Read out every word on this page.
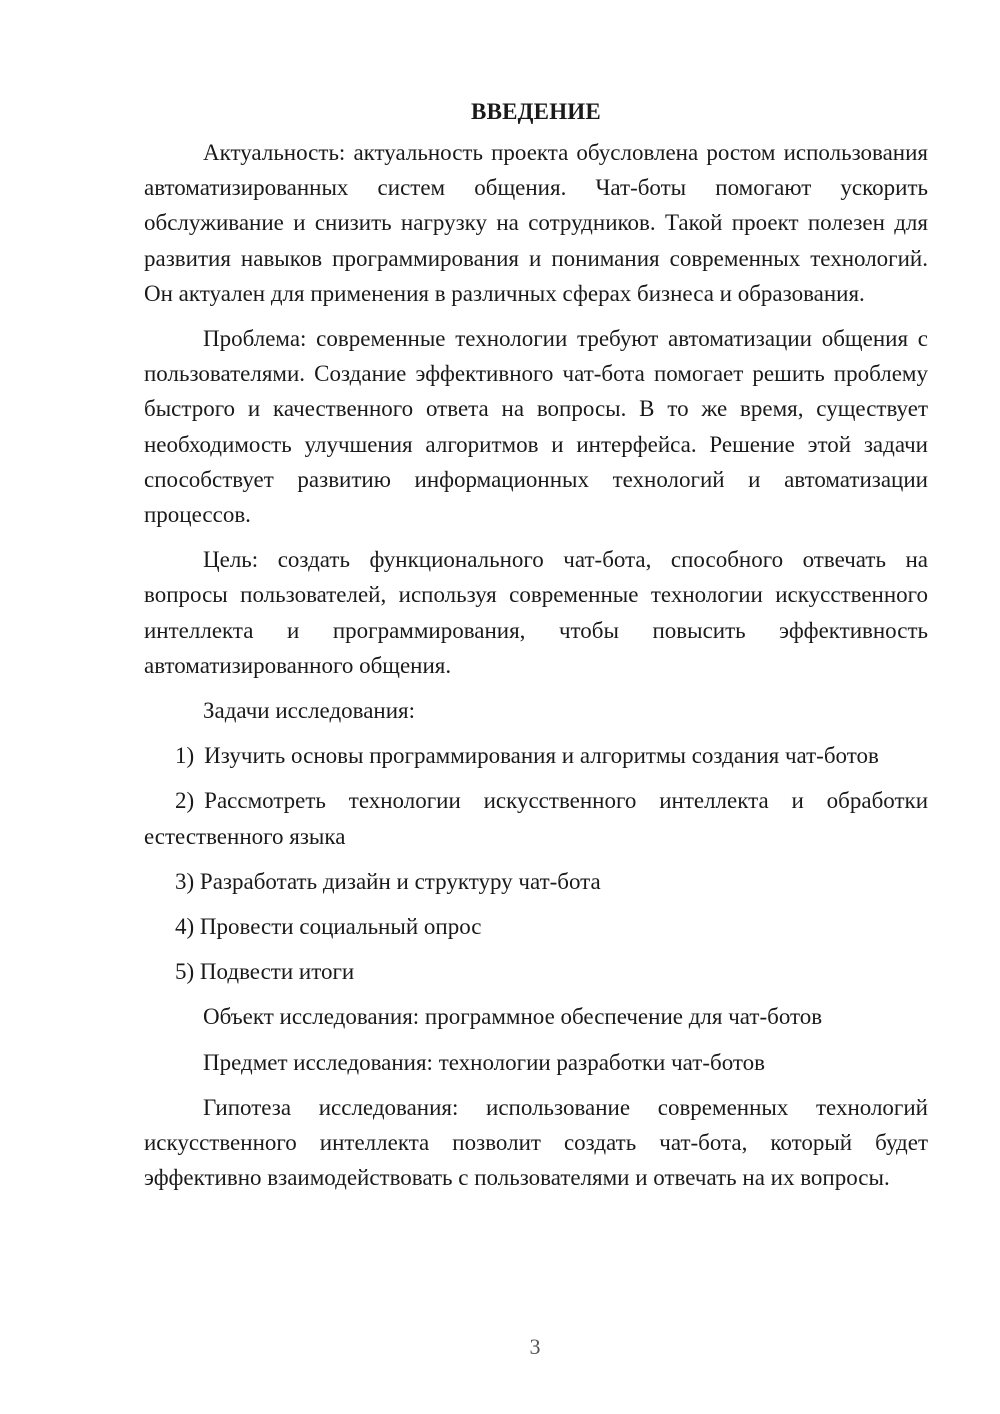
ВВЕДЕНИЕ

Актуальность: актуальность проекта обусловлена ростом использования автоматизированных систем общения. Чат-боты помогают ускорить обслуживание и снизить нагрузку на сотрудников. Такой проект полезен для развития навыков программирования и понимания современных технологий. Он актуален для применения в различных сферах бизнеса и образования.

Проблема: современные технологии требуют автоматизации общения с пользователями. Создание эффективного чат-бота помогает решить проблему быстрого и качественного ответа на вопросы. В то же время, существует необходимость улучшения алгоритмов и интерфейса. Решение этой задачи способствует развитию информационных технологий и автоматизации процессов.

Цель: создать функционального чат-бота, способного отвечать на вопросы пользователей, используя современные технологии искусственного интеллекта и программирования, чтобы повысить эффективность автоматизированного общения.

Задачи исследования:

1) Изучить основы программирования и алгоритмы создания чат-ботов

2) Рассмотреть технологии искусственного интеллекта и обработки естественного языка

3) Разработать дизайн и структуру чат-бота

4) Провести социальный опрос

5) Подвести итоги

Объект исследования: программное обеспечение для чат-ботов

Предмет исследования: технологии разработки чат-ботов

Гипотеза исследования: использование современных технологий искусственного интеллекта позволит создать чат-бота, который будет эффективно взаимодействовать с пользователями и отвечать на их вопросы.

3
